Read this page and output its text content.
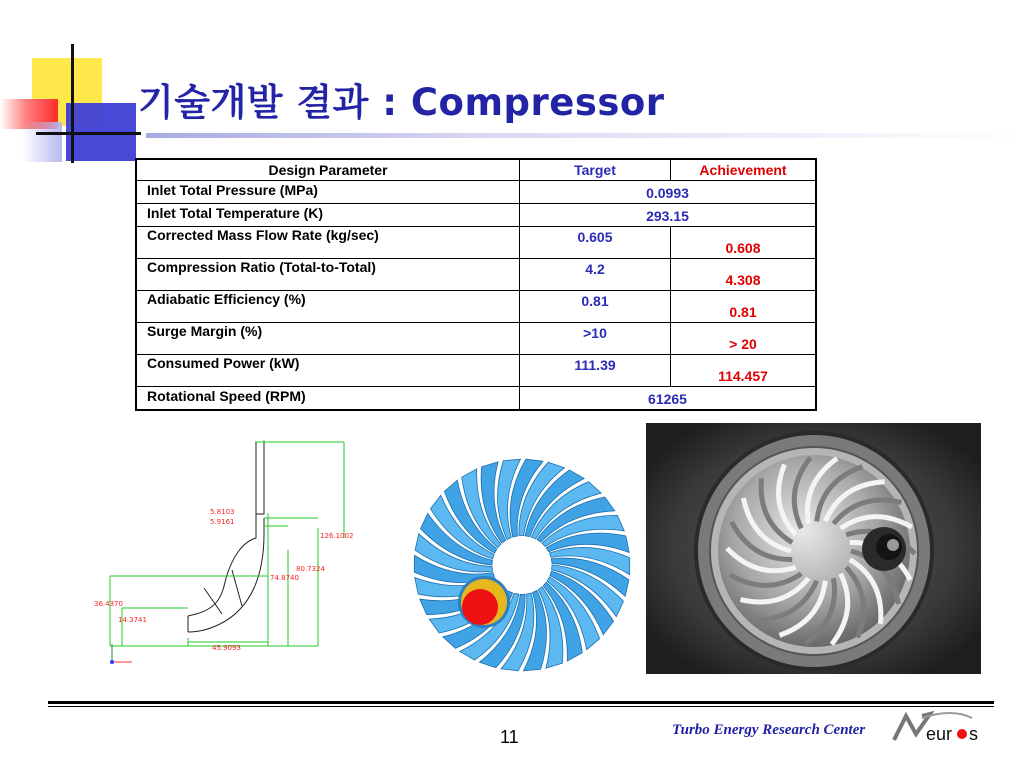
기술개발 결과 : Compressor
Design Parameter	Target	Achievement
Inlet Total Pressure (MPa)	0.0993	
Inlet Total Temperature (K)	293.15	
Corrected Mass Flow Rate (kg/sec)	0.605	0.608
Compression Ratio (Total-to-Total)	4.2	4.308
Adiabatic Efficiency (%)	0.81	0.81
Surge Margin (%)	>10	> 20
Consumed Power (kW)	111.39	114.457
Rotational Speed (RPM)	61265	
5.8103
5.9161
126.1002
80.7324
74.8740
36.4370
14.3741
45.9093
11	Turbo Energy Research Center	eur s
